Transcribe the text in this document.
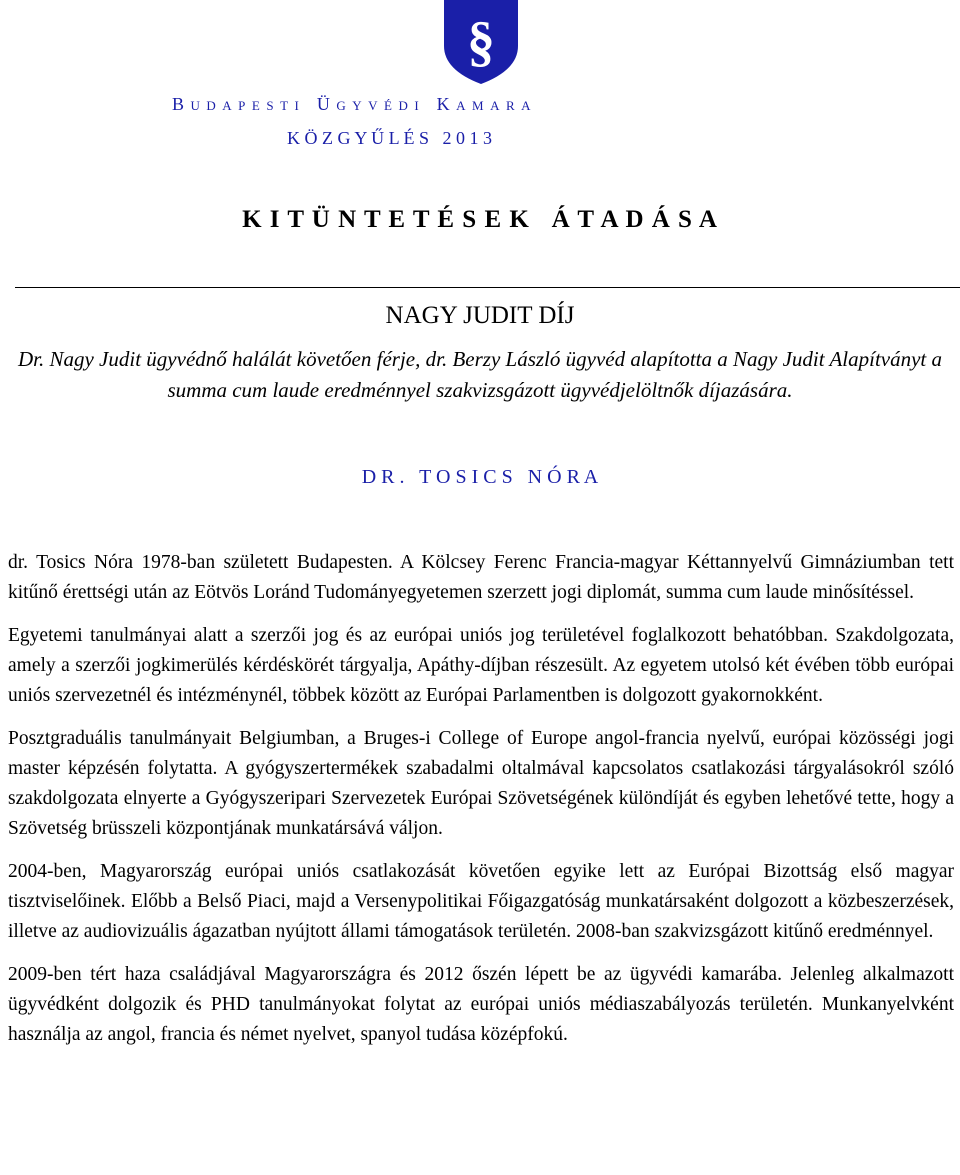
§
B u d a p e s t i Ü g y v é d i K a m a r a
K Ö Z G Y Ű L É S   2 0 1 3
K I T Ü N T E T É S E K   Á T A D Á S A
NAGY JUDIT DÍJ
Dr. Nagy Judit ügyvédnő halálát követően férje, dr. Berzy László ügyvéd alapította a Nagy Judit Alapítványt a summa cum laude eredménnyel szakvizsgázott ügyvédjelöltnők díjazására.
D R .   T O S I C S   N Ó R A

dr. Tosics Nóra 1978-ban született Budapesten. A Kölcsey Ferenc Francia-magyar Kéttannyelvű Gimnáziumban tett kitűnő érettségi után az Eötvös Loránd Tudományegyetemen szerzett jogi diplomát, summa cum laude minősítéssel.

Egyetemi tanulmányai alatt a szerzői jog és az európai uniós jog területével foglalkozott behatóbban. Szakdolgozata, amely a szerzői jogkimerülés kérdéskörét tárgyalja, Apáthy-díjban részesült. Az egyetem utolsó két évében több európai uniós szervezetnél és intézménynél, többek között az Európai Parlamentben is dolgozott gyakornokként.

Posztgraduális tanulmányait Belgiumban, a Bruges-i College of Europe angol-francia nyelvű, európai közösségi jogi master képzésén folytatta. A gyógyszertermékek szabadalmi oltalmával kapcsolatos csatlakozási tárgyalásokról szóló szakdolgozata elnyerte a Gyógyszeripari Szervezetek Európai Szövetségének különdíját és egyben lehetővé tette, hogy a Szövetség brüsszeli központjának munkatársává váljon.

2004-ben, Magyarország európai uniós csatlakozását követően egyike lett az Európai Bizottság első magyar tisztviselőinek. Előbb a Belső Piaci, majd a Versenypolitikai Főigazgatóság munkatársaként dolgozott a közbeszerzések, illetve az audiovizuális ágazatban nyújtott állami támogatások területén. 2008-ban szakvizsgázott kitűnő eredménnyel.

2009-ben tért haza családjával Magyarországra és 2012 őszén lépett be az ügyvédi kamarába. Jelenleg alkalmazott ügyvédként dolgozik és PHD tanulmányokat folytat az európai uniós médiaszabályozás területén. Munkanyelvként használja az angol, francia és német nyelvet, spanyol tudása középfokú.
